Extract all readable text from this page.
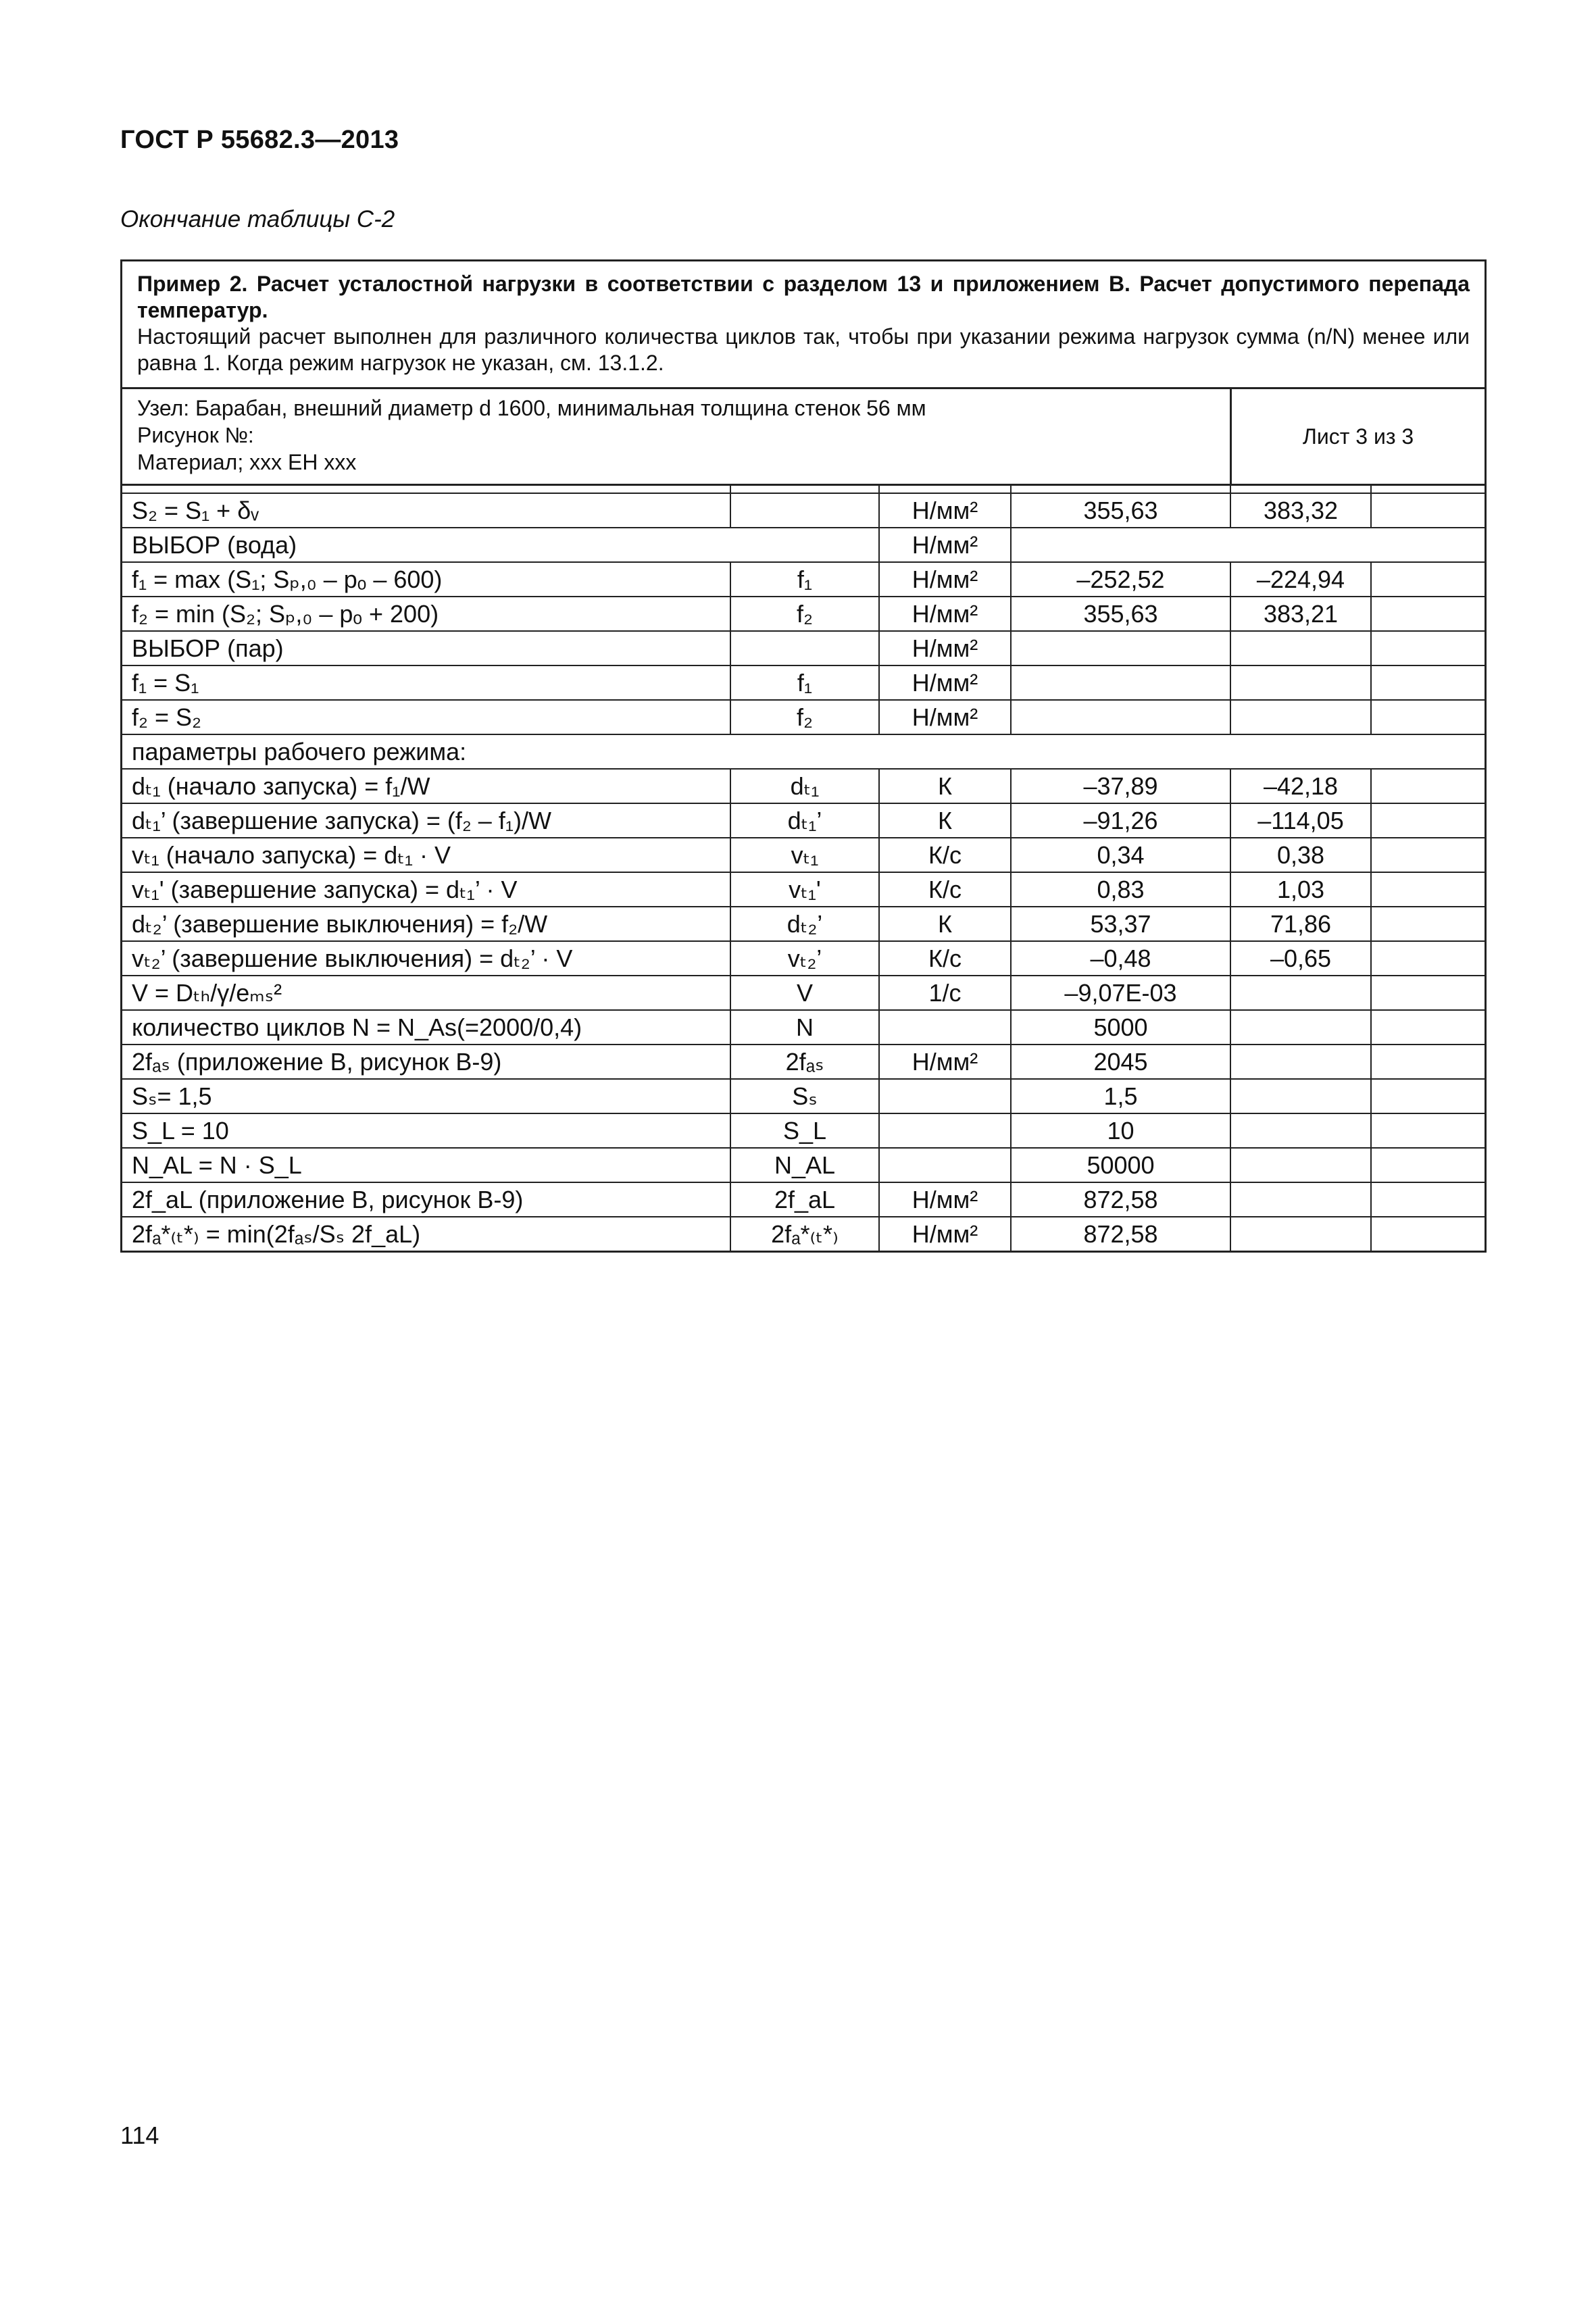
ГОСТ Р 55682.3—2013
Окончание таблицы С-2
Пример 2. Расчет усталостной нагрузки в соответствии с разделом 13 и приложением В. Расчет допустимого перепада температур.
Настоящий расчет выполнен для различного количества циклов так, чтобы при указании режима нагрузок сумма (n/N) менее или равна 1. Когда режим нагрузок не указан, см. 13.1.2.
Узел: Барабан, внешний диаметр d 1600, минимальная толщина стенок 56 мм
Рисунок №:
Материал; xxx EH xxx
Лист 3 из 3

S₂ = S₁ + δᵥ		Н/мм²	355,63	383,32	
ВЫБОР (вода)		Н/мм²			
f₁ = max (S₁; Sₚ,₀ – pₒ – 600)	f₁	Н/мм²	–252,52	–224,94	
f₂ = min (S₂; Sₚ,₀ – pₒ + 200)	f₂	Н/мм²	355,63	383,21	
ВЫБОР (пар)		Н/мм²			
f₁ = S₁	f₁	Н/мм²			
f₂ = S₂	f₂	Н/мм²			
параметры рабочего режима:					
dₜ₁ (начало запуска) = f₁/W	dₜ₁	К	–37,89	–42,18	
dₜ₁’ (завершение запуска) = (f₂ – f₁)/W	dₜ₁’	К	–91,26	–114,05	
vₜ₁ (начало запуска) = dₜ₁ · V	vₜ₁	К/с	0,34	0,38	
vₜ₁' (завершение запуска) = dₜ₁’ · V	vₜ₁'	К/с	0,83	1,03	
dₜ₂’ (завершение выключения) = f₂/W	dₜ₂’	К	53,37	71,86	
vₜ₂’ (завершение выключения) = dₜ₂’ · V	vₜ₂’	К/с	–0,48	–0,65	
V = Dₜₕ/γ/eₘₛ²	V	1/с	–9,07E-03		
количество циклов N = N_As(=2000/0,4)	N		5000		
2fₐₛ (приложение В, рисунок В-9)	2fₐₛ	Н/мм²	2045		
Sₛ= 1,5	Sₛ		1,5		
S_L = 10	S_L		10		
N_AL = N · S_L	N_AL		50000		
2f_aL (приложение В, рисунок В-9)	2f_aL	Н/мм²	872,58		
2fₐ*₍ₜ*₎ = min(2fₐₛ/Sₛ 2f_aL)	2fₐ*₍ₜ*₎	Н/мм²	872,58		
114
